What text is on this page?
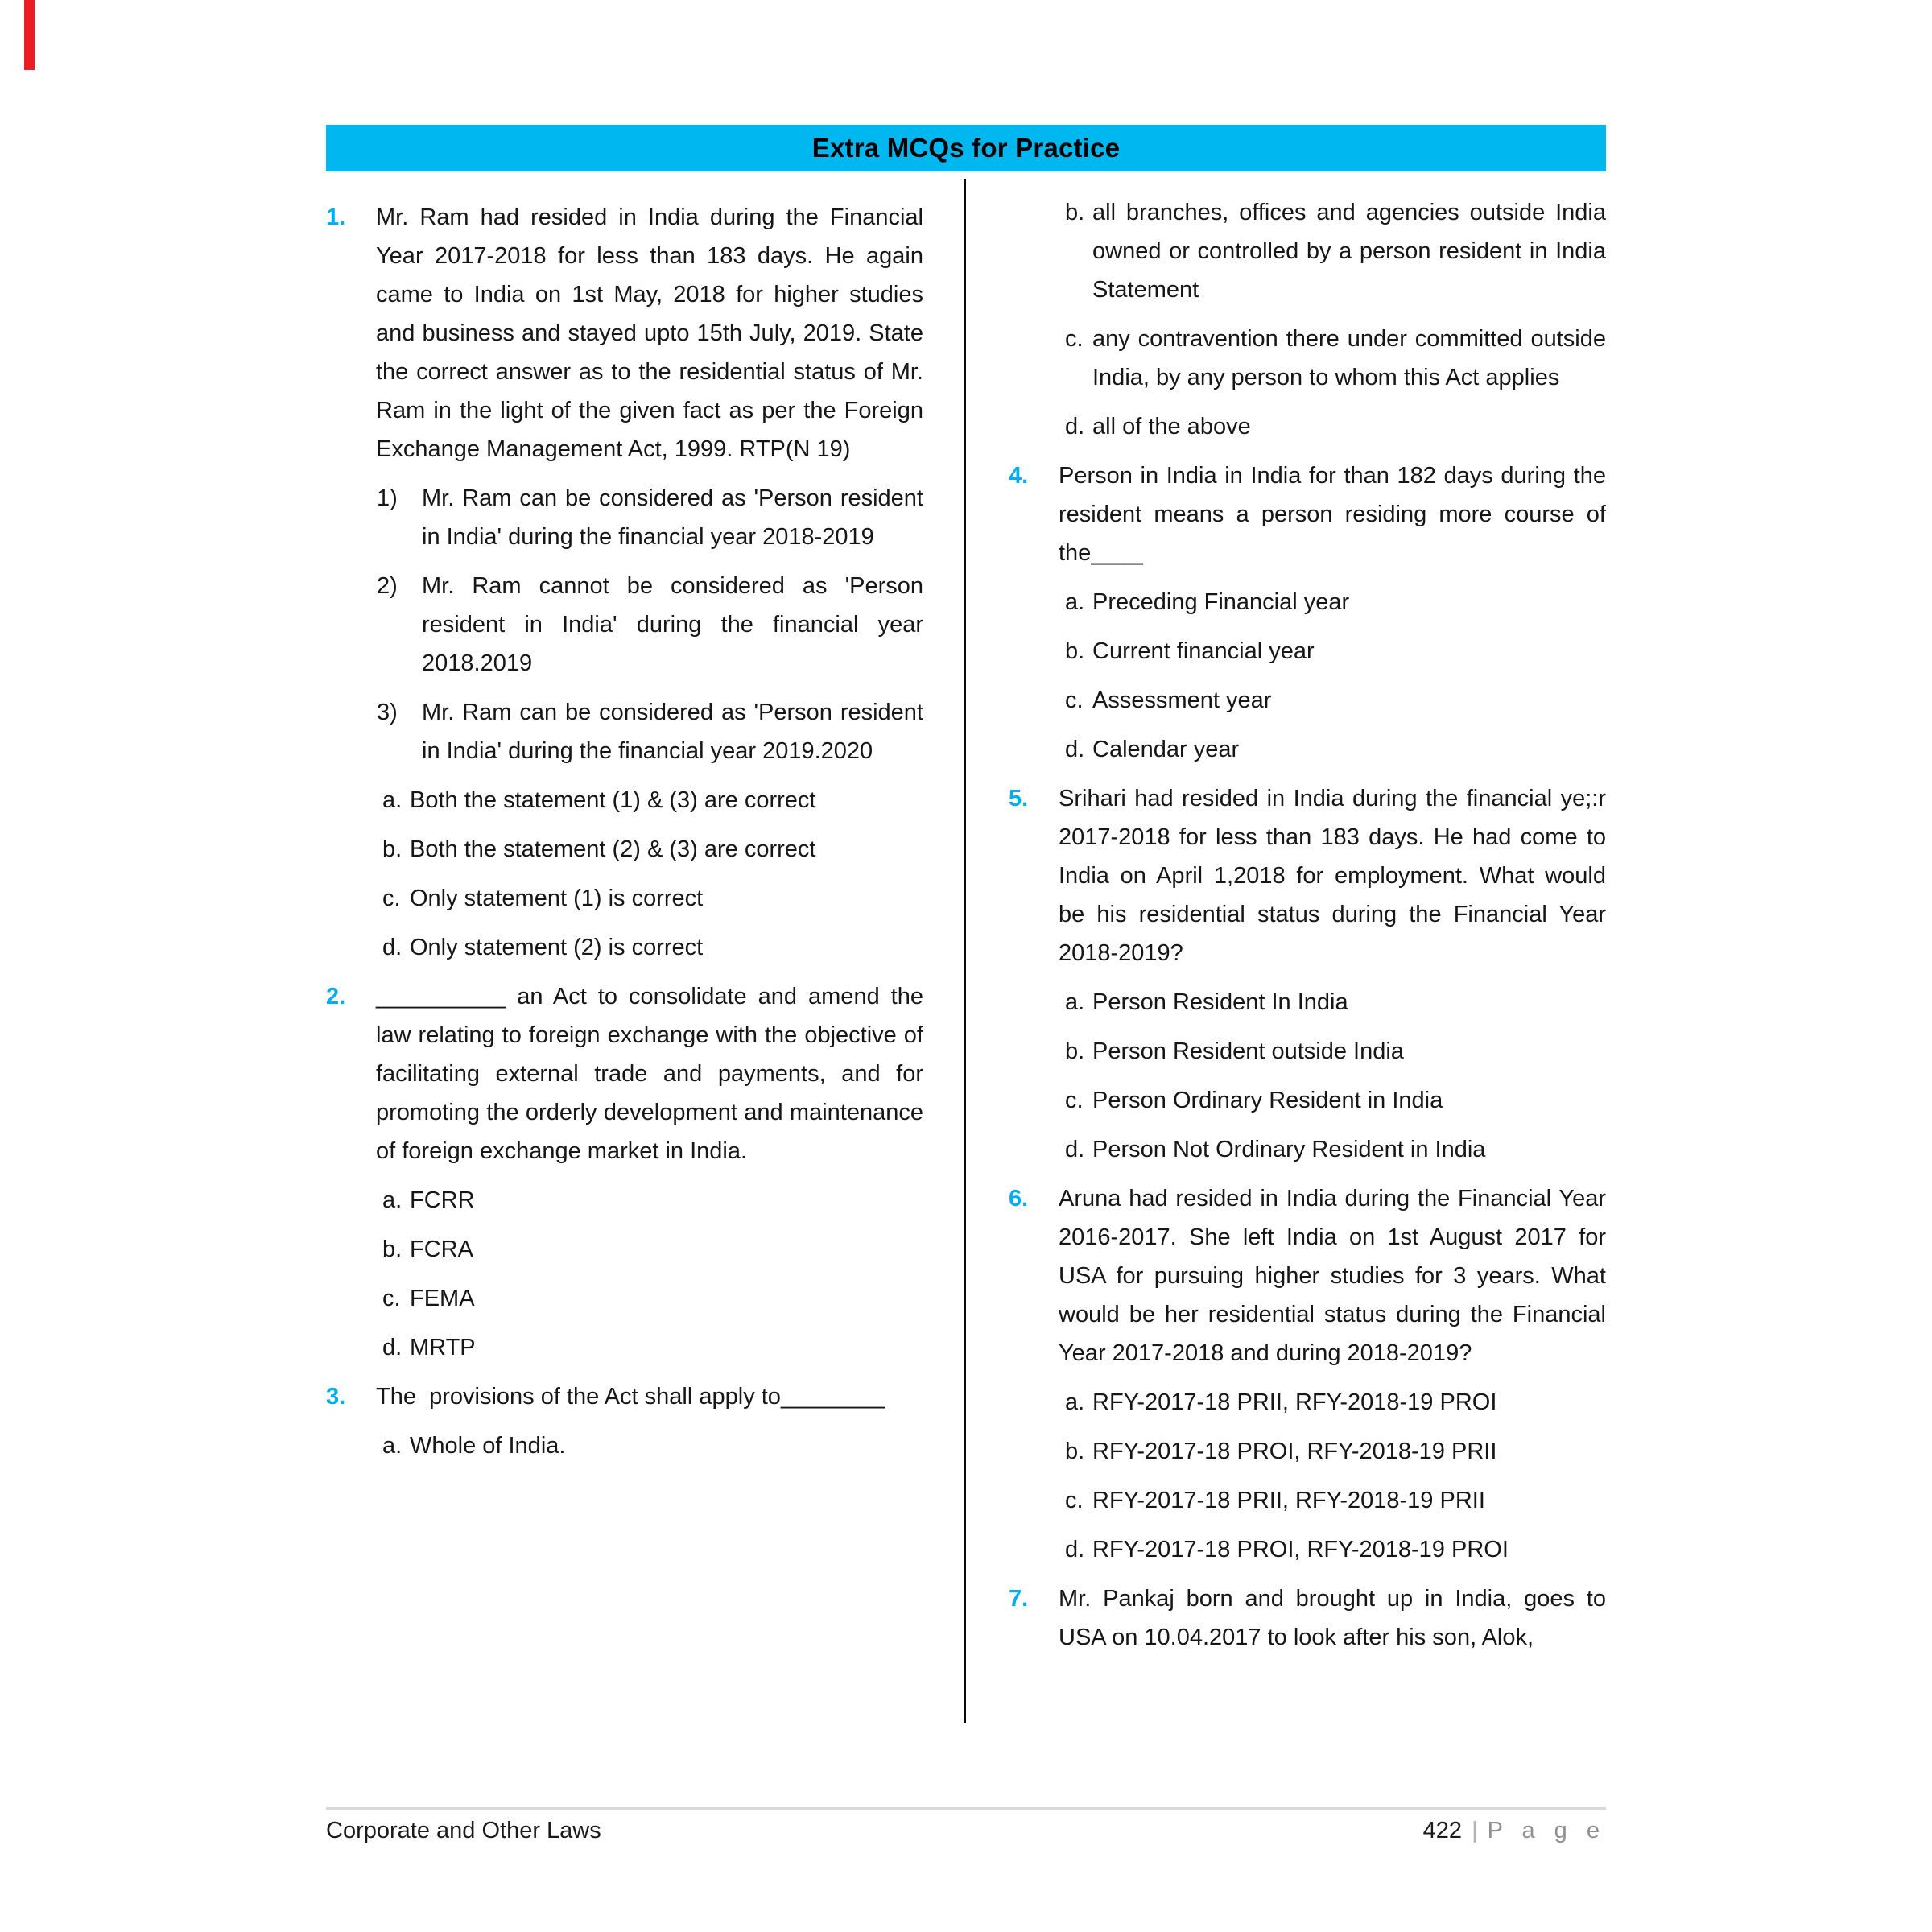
Extra MCQs for Practice
1. Mr. Ram had resided in India during the Financial Year 2017-2018 for less than 183 days. He again came to India on 1st May, 2018 for higher studies and business and stayed upto 15th July, 2019. State the correct answer as to the residential status of Mr. Ram in the light of the given fact as per the Foreign Exchange Management Act, 1999. RTP(N 19)
1) Mr. Ram can be considered as 'Person resident in India' during the financial year 2018-2019
2) Mr. Ram cannot be considered as 'Person resident in India' during the financial year 2018.2019
3) Mr. Ram can be considered as 'Person resident in India' during the financial year 2019.2020
a. Both the statement (1) & (3) are correct
b. Both the statement (2) & (3) are correct
c. Only statement (1) is correct
d. Only statement (2) is correct
2. __________ an Act to consolidate and amend the law relating to foreign exchange with the objective of  facilitating external trade and payments, and for promoting the orderly development and maintenance of foreign exchange market in India.
a. FCRR
b. FCRA
c. FEMA
d. MRTP
3. The  provisions of the Act shall apply to________
a. Whole of India.
b. all branches, offices and agencies outside India owned or controlled by a person resident in India Statement
c. any contravention there under committed outside India, by any person to whom this Act applies
d. all of the above
4. Person in India in India for than 182 days during the resident means a person residing more course of the____
a. Preceding Financial year
b. Current financial year
c. Assessment year
d. Calendar year
5. Srihari had resided in India during the financial ye;:r 2017-2018 for less than 183 days. He had come to India on April 1,2018 for employment. What would be his residential status during the Financial Year 2018-2019?
a. Person Resident In India
b. Person Resident outside India
c. Person Ordinary Resident in India
d. Person Not Ordinary Resident in India
6. Aruna had resided in India during the Financial Year 2016-2017. She left India on 1st August 2017 for USA for pursuing higher studies for 3 years. What would be her residential status during the Financial Year 2017-2018 and during 2018-2019?
a. RFY-2017-18 PRII, RFY-2018-19 PROI
b. RFY-2017-18 PROI, RFY-2018-19 PRII
c. RFY-2017-18 PRII, RFY-2018-19 PRII
d. RFY-2017-18 PROI, RFY-2018-19 PROI
7. Mr. Pankaj born and brought up in India, goes to USA on 10.04.2017 to look after his son, Alok,
Corporate and Other Laws	422 | P a g e
